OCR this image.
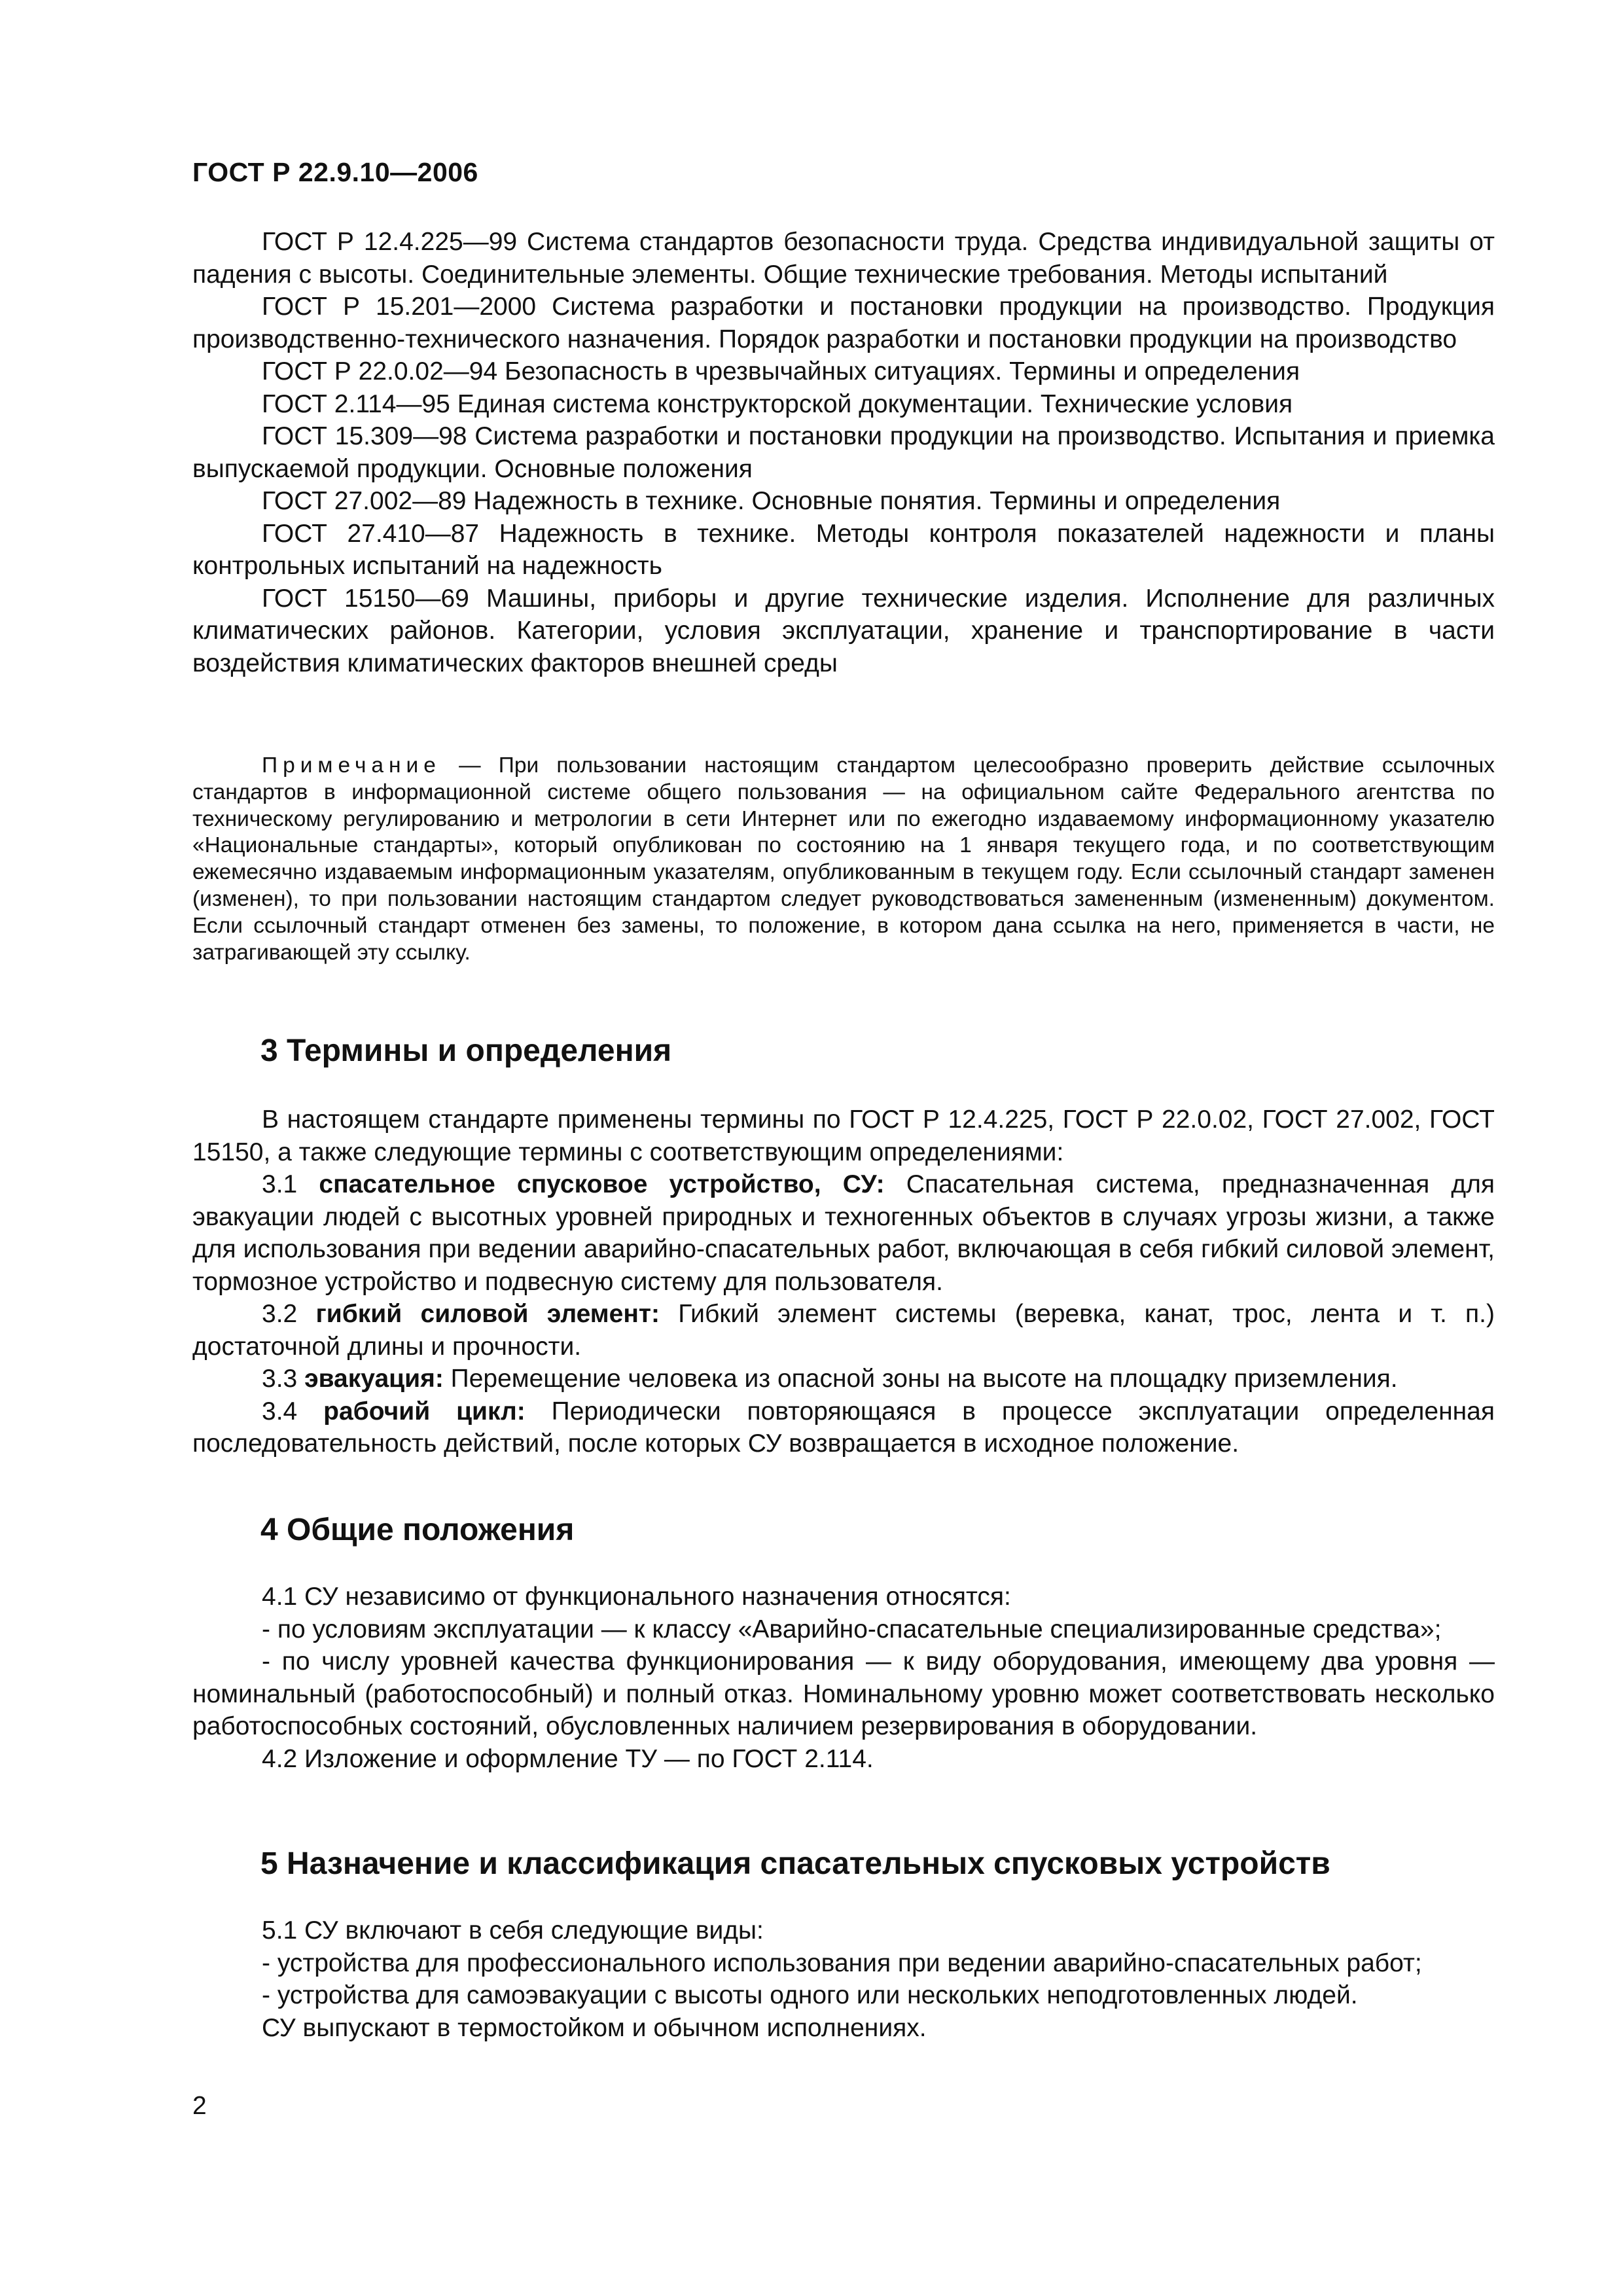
ГОСТ Р 22.9.10—2006

ГОСТ Р 12.4.225—99 Система стандартов безопасности труда. Средства индивидуальной защиты от падения с высоты. Соединительные элементы. Общие технические требования. Методы испытаний

ГОСТ Р 15.201—2000 Система разработки и постановки продукции на производство. Продукция производственно-технического назначения. Порядок разработки и постановки продукции на производство

ГОСТ Р 22.0.02—94 Безопасность в чрезвычайных ситуациях. Термины и определения

ГОСТ 2.114—95 Единая система конструкторской документации. Технические условия

ГОСТ 15.309—98 Система разработки и постановки продукции на производство. Испытания и приемка выпускаемой продукции. Основные положения

ГОСТ 27.002—89 Надежность в технике. Основные понятия. Термины и определения

ГОСТ 27.410—87 Надежность в технике. Методы контроля показателей надежности и планы контрольных испытаний на надежность

ГОСТ 15150—69 Машины, приборы и другие технические изделия. Исполнение для различных климатических районов. Категории, условия эксплуатации, хранение и транспортирование в части воздействия климатических факторов внешней среды

Примечание — При пользовании настоящим стандартом целесообразно проверить действие ссылочных стандартов в информационной системе общего пользования — на официальном сайте Федерального агентства по техническому регулированию и метрологии в сети Интернет или по ежегодно издаваемому информационному указателю «Национальные стандарты», который опубликован по состоянию на 1 января текущего года, и по соответствующим ежемесячно издаваемым информационным указателям, опубликованным в текущем году. Если ссылочный стандарт заменен (изменен), то при пользовании настоящим стандартом следует руководствоваться замененным (измененным) документом. Если ссылочный стандарт отменен без замены, то положение, в котором дана ссылка на него, применяется в части, не затрагивающей эту ссылку.

3 Термины и определения

В настоящем стандарте применены термины по ГОСТ Р 12.4.225, ГОСТ Р 22.0.02, ГОСТ 27.002, ГОСТ 15150, а также следующие термины с соответствующим определениями:

3.1 спасательное спусковое устройство, СУ: Спасательная система, предназначенная для эвакуации людей с высотных уровней природных и техногенных объектов в случаях угрозы жизни, а также для использования при ведении аварийно-спасательных работ, включающая в себя гибкий силовой элемент, тормозное устройство и подвесную систему для пользователя.

3.2 гибкий силовой элемент: Гибкий элемент системы (веревка, канат, трос, лента и т. п.) достаточной длины и прочности.

3.3 эвакуация: Перемещение человека из опасной зоны на высоте на площадку приземления.

3.4 рабочий цикл: Периодически повторяющаяся в процессе эксплуатации определенная последовательность действий, после которых СУ возвращается в исходное положение.

4 Общие положения

4.1 СУ независимо от функционального назначения относятся:

- по условиям эксплуатации — к классу «Аварийно-спасательные специализированные средства»;

- по числу уровней качества функционирования — к виду оборудования, имеющему два уровня — номинальный (работоспособный) и полный отказ. Номинальному уровню может соответствовать несколько работоспособных состояний, обусловленных наличием резервирования в оборудовании.

4.2 Изложение и оформление ТУ — по ГОСТ 2.114.

5 Назначение и классификация спасательных спусковых устройств

5.1 СУ включают в себя следующие виды:

- устройства для профессионального использования при ведении аварийно-спасательных работ;

- устройства для самоэвакуации с высоты одного или нескольких неподготовленных людей.

СУ выпускают в термостойком и обычном исполнениях.

2
